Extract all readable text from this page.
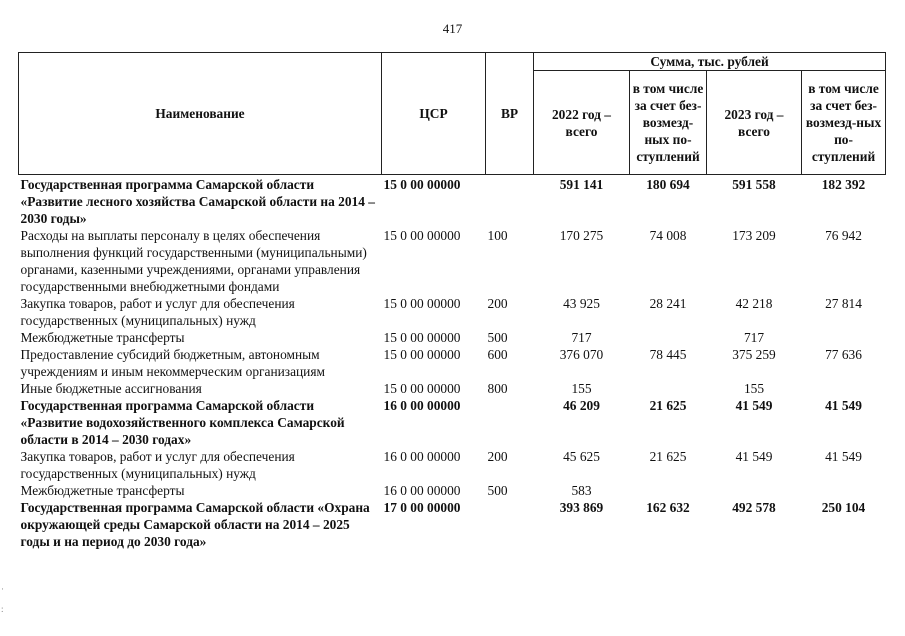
417
Наименование	ЦСР	ВР	Сумма, тыс. рублей			
			2022 год – всего	в том числе за счет без-возмезд-ных по-ступлений	2023 год – всего	в том числе за счет без-возмезд-ных по-ступлений
Государственная программа Самарской области «Развитие лесного хозяйства Самарской области на 2014 – 2030 годы»	15 0 00 00000		591 141	180 694	591 558	182 392
Расходы на выплаты персоналу в целях обеспечения выполнения функций государственными (муниципальными) органами, казенными учреждениями, органами управления государственными внебюджетными фондами	15 0 00 00000	100	170 275	74 008	173 209	76 942
Закупка товаров, работ и услуг для обеспечения государственных (муниципальных) нужд	15 0 00 00000	200	43 925	28 241	42 218	27 814
Межбюджетные трансферты	15 0 00 00000	500	717		717	
Предоставление субсидий бюджетным, автономным учреждениям и иным некоммерческим организациям	15 0 00 00000	600	376 070	78 445	375 259	77 636
Иные бюджетные ассигнования	15 0 00 00000	800	155		155	
Государственная программа Самарской области «Развитие водохозяйственного комплекса Самарской области в 2014 – 2030 годах»	16 0 00 00000		46 209	21 625	41 549	41 549
Закупка товаров, работ и услуг для обеспечения государственных (муниципальных) нужд	16 0 00 00000	200	45 625	21 625	41 549	41 549
Межбюджетные трансферты	16 0 00 00000	500	583			
Государственная программа Самарской области «Охрана окружающей среды Самарской области на 2014 – 2025 годы и на период до 2030 года»	17 0 00 00000		393 869	162 632	492 578	250 104
·
:
